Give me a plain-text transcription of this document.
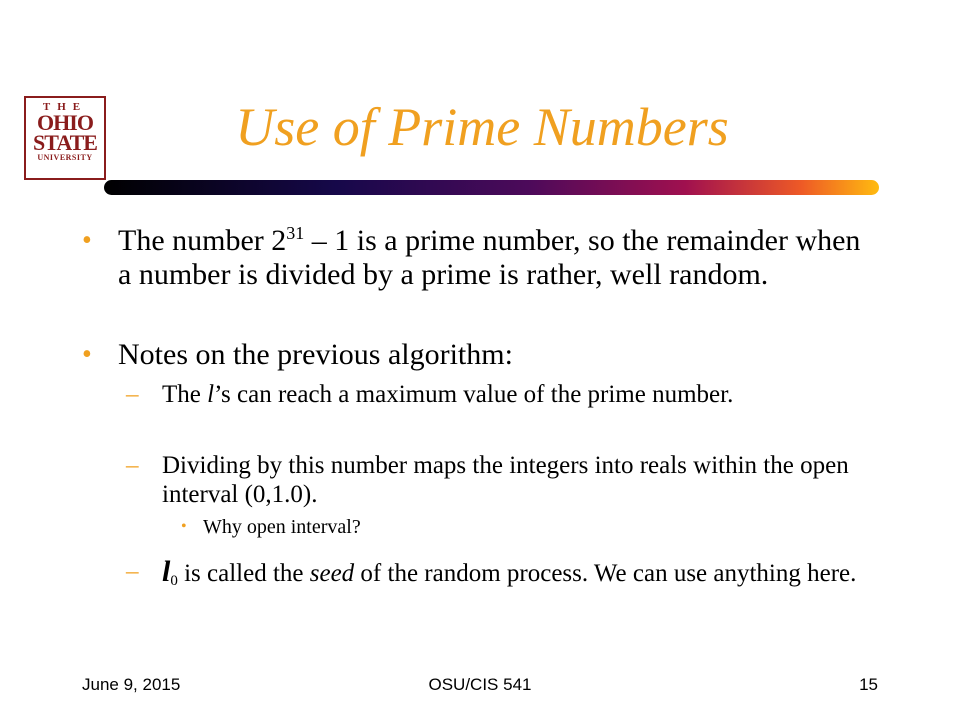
THE
OHIO
STATE
UNIVERSITY
Use of Prime Numbers
• The number $2^{31} - 1$ is a prime number, so the remainder when a number is divided by a prime is rather, well random.
• Notes on the previous algorithm:
– The l’s can reach a maximum value of the prime number.
– Dividing by this number maps the integers into reals within the open interval (0,1.0).
• Why open interval?
– $l_0$ is called the seed of the random process. We can use anything here.
June 9, 2015	OSU/CIS 541	15
